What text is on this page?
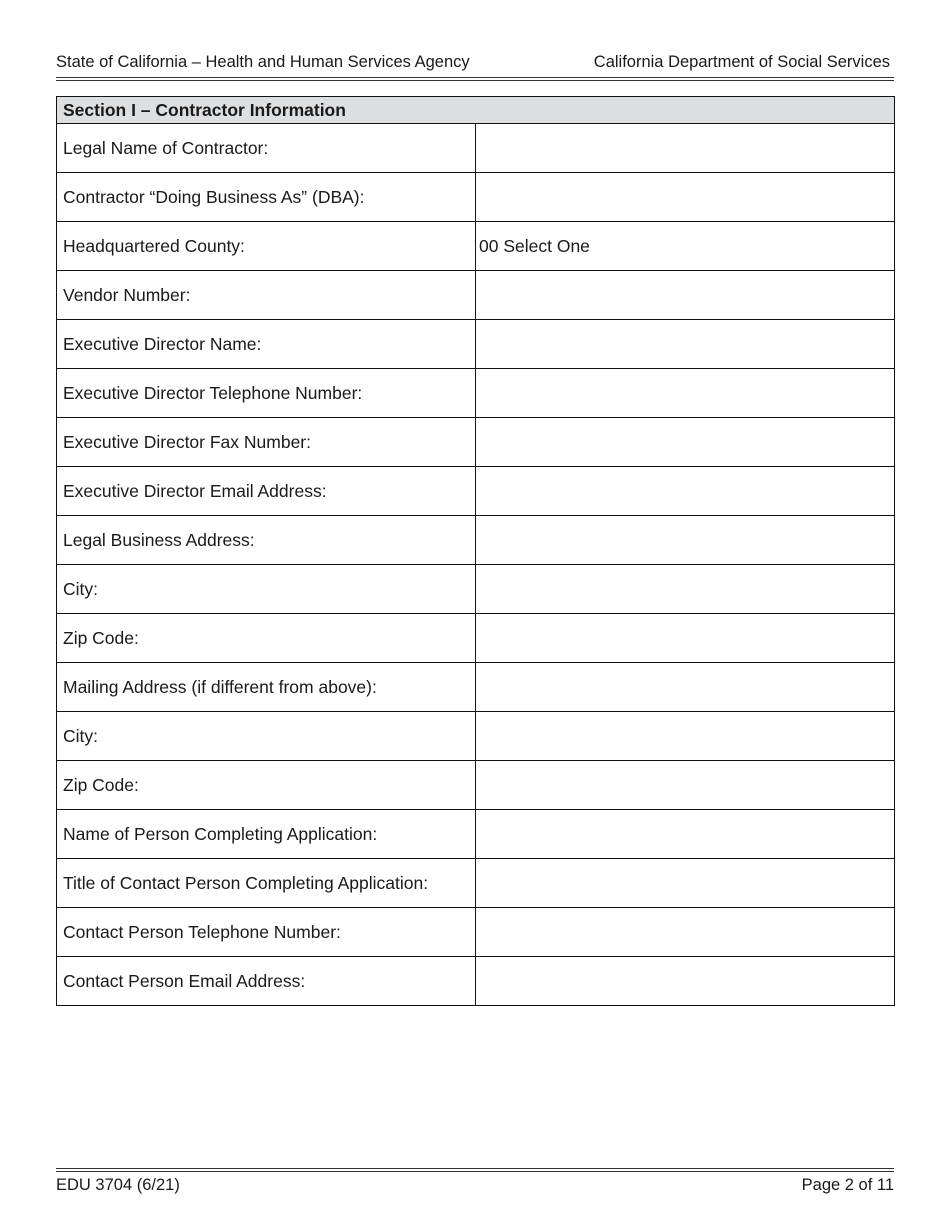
State of California – Health and Human Services Agency	California Department of Social Services
Section I – Contractor Information	
Legal Name of Contractor:	
Contractor “Doing Business As” (DBA):	
Headquartered County:	00 Select One
Vendor Number:	
Executive Director Name:	
Executive Director Telephone Number:	
Executive Director Fax Number:	
Executive Director Email Address:	
Legal Business Address:	
City:	
Zip Code:	
Mailing Address (if different from above):	
City:	
Zip Code:	
Name of Person Completing Application:	
Title of Contact Person Completing Application:	
Contact Person Telephone Number:	
Contact Person Email Address:	
EDU 3704 (6/21)	Page 2 of 11
